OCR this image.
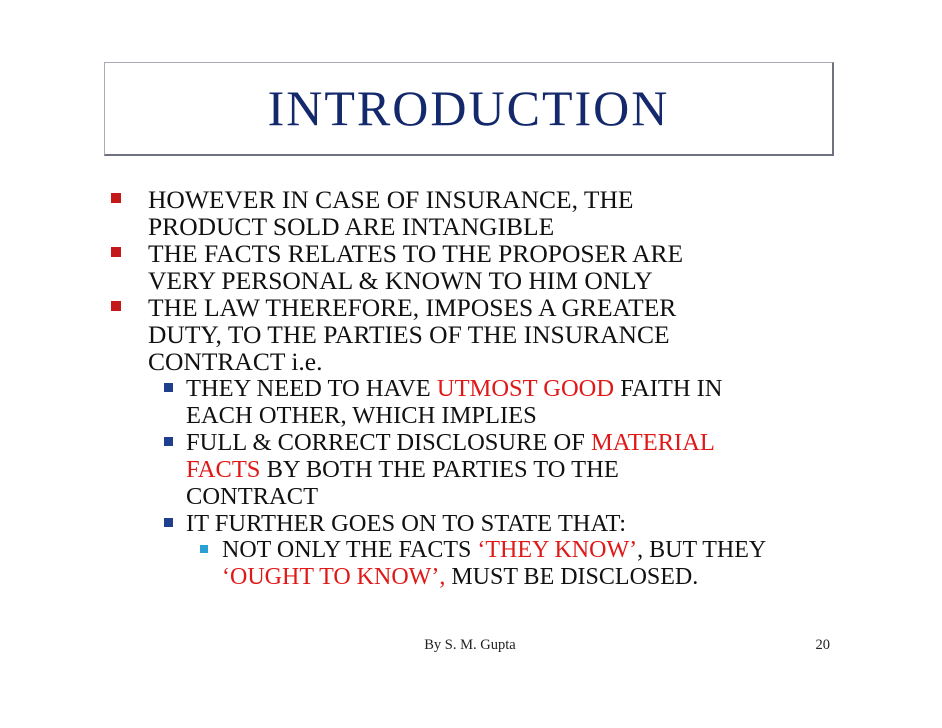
INTRODUCTION
HOWEVER IN CASE OF INSURANCE, THE
PRODUCT SOLD ARE INTANGIBLE
THE FACTS RELATES TO THE PROPOSER ARE
VERY PERSONAL & KNOWN TO HIM ONLY
THE LAW THEREFORE, IMPOSES A GREATER
DUTY, TO THE PARTIES OF THE INSURANCE
CONTRACT i.e.
THEY NEED TO HAVE UTMOST GOOD FAITH IN
EACH OTHER, WHICH IMPLIES
FULL & CORRECT DISCLOSURE OF MATERIAL
FACTS BY BOTH THE PARTIES TO THE
CONTRACT
IT FURTHER GOES ON TO STATE THAT:
NOT ONLY THE FACTS ‘THEY KNOW’, BUT THEY
‘OUGHT TO KNOW’, MUST BE DISCLOSED.
By S. M. Gupta	20
